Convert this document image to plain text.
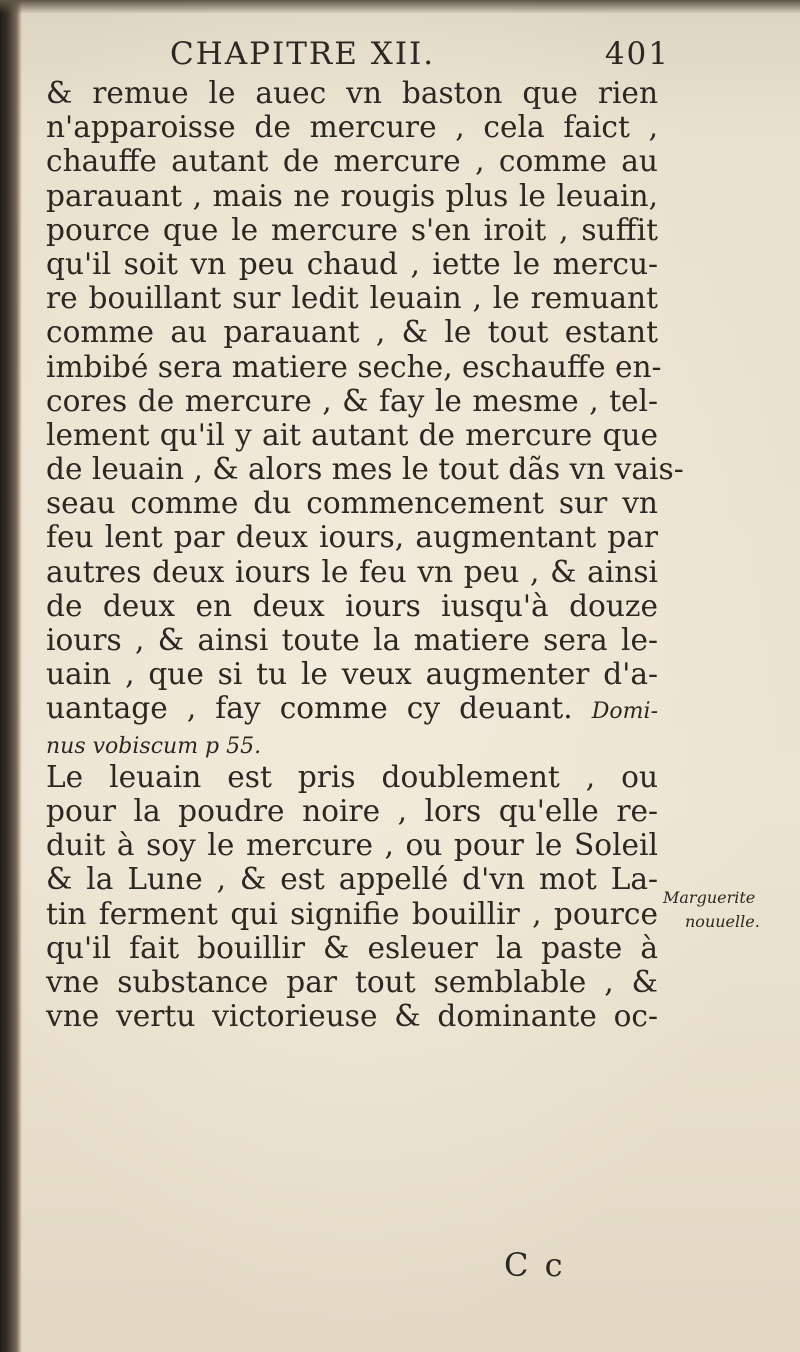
CHAPITRE XII.	401
& remue le auec vn baston que rien
n'apparoisse de mercure , cela faict ,
chauffe autant de mercure , comme au
parauant , mais ne rougis plus le leuain,
pource que le mercure s'en iroit , suffit
qu'il soit vn peu chaud , iette le mercu-
re bouillant sur ledit leuain , le remuant
comme au parauant , & le tout estant
imbibé sera matiere seche, eschauffe en-
cores de mercure , & fay le mesme , tel-
lement qu'il y ait autant de mercure que
de leuain , & alors mes le tout dãs vn vais-
seau comme du commencement sur vn
feu lent par deux iours, augmentant par
autres deux iours le feu vn peu , & ainsi
de deux en deux iours iusqu'à douze
iours , & ainsi toute la matiere sera le-
uain , que si tu le veux augmenter d'a-
uantage , fay comme cy deuant. Domi-
nus vobiscum p 55.
Le leuain est pris doublement , ou
pour la poudre noire , lors qu'elle re-
duit à soy le mercure , ou pour le Soleil
& la Lune , & est appellé d'vn mot La-
tin ferment qui signifie bouillir , pource
qu'il fait bouillir & esleuer la paste à
vne substance par tout semblable , &
vne vertu victorieuse & dominante oc-
Marguerite
nouuelle.
C c
